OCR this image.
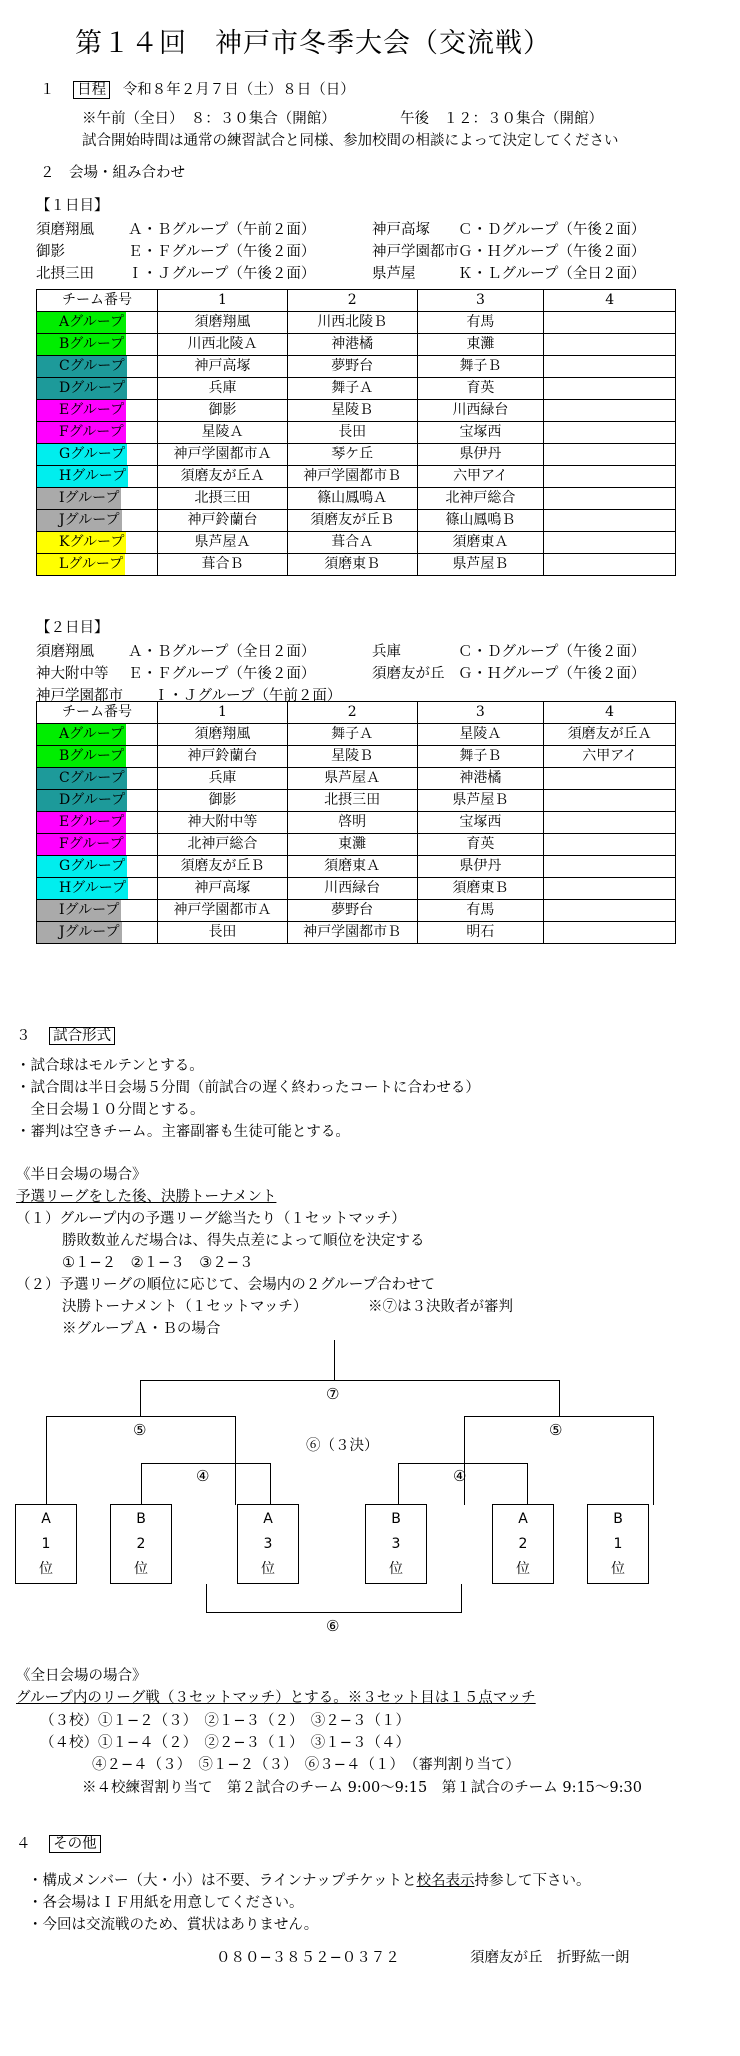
第１４回　神戸市冬季大会（交流戦）
１ 日程 令和８年２月７日（土）８日（日）
※午前（全日）　８：３０集合（開館）	午後　１２：３０集合（開館）
試合開始時間は通常の練習試合と同様、参加校間の相談によって決定してください
２　会場・組み合わせ
【１日目】
須磨翔風 Ａ・Ｂグループ（午前２面）	神戸高塚 Ｃ・Ｄグループ（午後２面）
御影	Ｅ・Ｆグループ（午後２面）	神戸学園都市 Ｇ・Ｈグループ（午後２面）
北摂三田 Ｉ・Ｊグループ（午後２面）	県芦屋	Ｋ・Ｌグループ（全日２面）
チーム番号	1	2	3	4
Aグループ	須磨翔風	川西北陵Ｂ	有馬	
Bグループ	川西北陵Ａ	神港橘	東灘	
Cグループ	神戸高塚	夢野台	舞子Ｂ	
Dグループ	兵庫	舞子Ａ	育英	
Eグループ	御影	星陵Ｂ	川西緑台	
Fグループ	星陵Ａ	長田	宝塚西	
Gグループ	神戸学園都市Ａ	琴ケ丘	県伊丹	
Hグループ	須磨友が丘Ａ	神戸学園都市Ｂ	六甲アイ	
Iグループ	北摂三田	篠山鳳鳴Ａ	北神戸総合	
Jグループ	神戸鈴蘭台	須磨友が丘Ｂ	篠山鳳鳴Ｂ	
Kグループ	県芦屋Ａ	葺合Ａ	須磨東Ａ	
Lグループ	葺合Ｂ	須磨東Ｂ	県芦屋Ｂ	
【２日目】
須磨翔風 Ａ・Ｂグループ（全日２面）	兵庫	Ｃ・Ｄグループ（午後２面）
神大附中等 Ｅ・Ｆグループ（午後２面）	須磨友が丘 Ｇ・Ｈグループ（午後２面）
神戸学園都市 Ｉ・Ｊグループ（午前２面）
チーム番号	1	2	3	4
Aグループ	須磨翔風	舞子Ａ	星陵Ａ	須磨友が丘Ａ
Bグループ	神戸鈴蘭台	星陵Ｂ	舞子Ｂ	六甲アイ
Cグループ	兵庫	県芦屋Ａ	神港橘	
Dグループ	御影	北摂三田	県芦屋Ｂ	
Eグループ	神大附中等	啓明	宝塚西	
Fグループ	北神戸総合	東灘	育英	
Gグループ	須磨友が丘Ｂ	須磨東Ａ	県伊丹	
Hグループ	神戸高塚	川西緑台	須磨東Ｂ	
Iグループ	神戸学園都市Ａ	夢野台	有馬	
Jグループ	長田	神戸学園都市Ｂ	明石	
３ 試合形式
・試合球はモルテンとする。
・試合間は半日会場５分間（前試合の遅く終わったコートに合わせる）
　全日会場１０分間とする。
・審判は空きチーム。主審副審も生徒可能とする。
《半日会場の場合》
予選リーグをした後、決勝トーナメント
（１）グループ内の予選リーグ総当たり（１セットマッチ）
勝敗数並んだ場合は、得失点差によって順位を決定する
①１−２　②１−３　③２−３
（２）予選リーグの順位に応じて、会場内の２グループ合わせて
決勝トーナメント（１セットマッチ）	※⑦は３決敗者が審判
※グループＡ・Ｂの場合
⑦
⑤	⑤
⑥（３決）
④	④
A
1
位
B
2
位
A
3
位
B
3
位
A
2
位
B
1
位
⑥
《全日会場の場合》
グループ内のリーグ戦（３セットマッチ）とする。※３セット目は１５点マッチ
（３校）①１−２（３）　②１−３（２）　③２−３（１）
（４校）①１−４（２）　②２−３（１）　③１−３（４）
④２−４（３）　⑤１−２（３）　⑥３−４（１）　（審判割り当て）
※４校練習割り当て　第２試合のチーム 9:00〜9:15　第１試合のチーム 9:15〜9:30
４ その他
・構成メンバー（大・小）は不要、ラインナップチケットと校名表示持参して下さい。
・各会場はＩＦ用紙を用意してください。
・今回は交流戦のため、賞状はありません。
０８０−３８５２−０３７２	須磨友が丘　折野紘一朗
